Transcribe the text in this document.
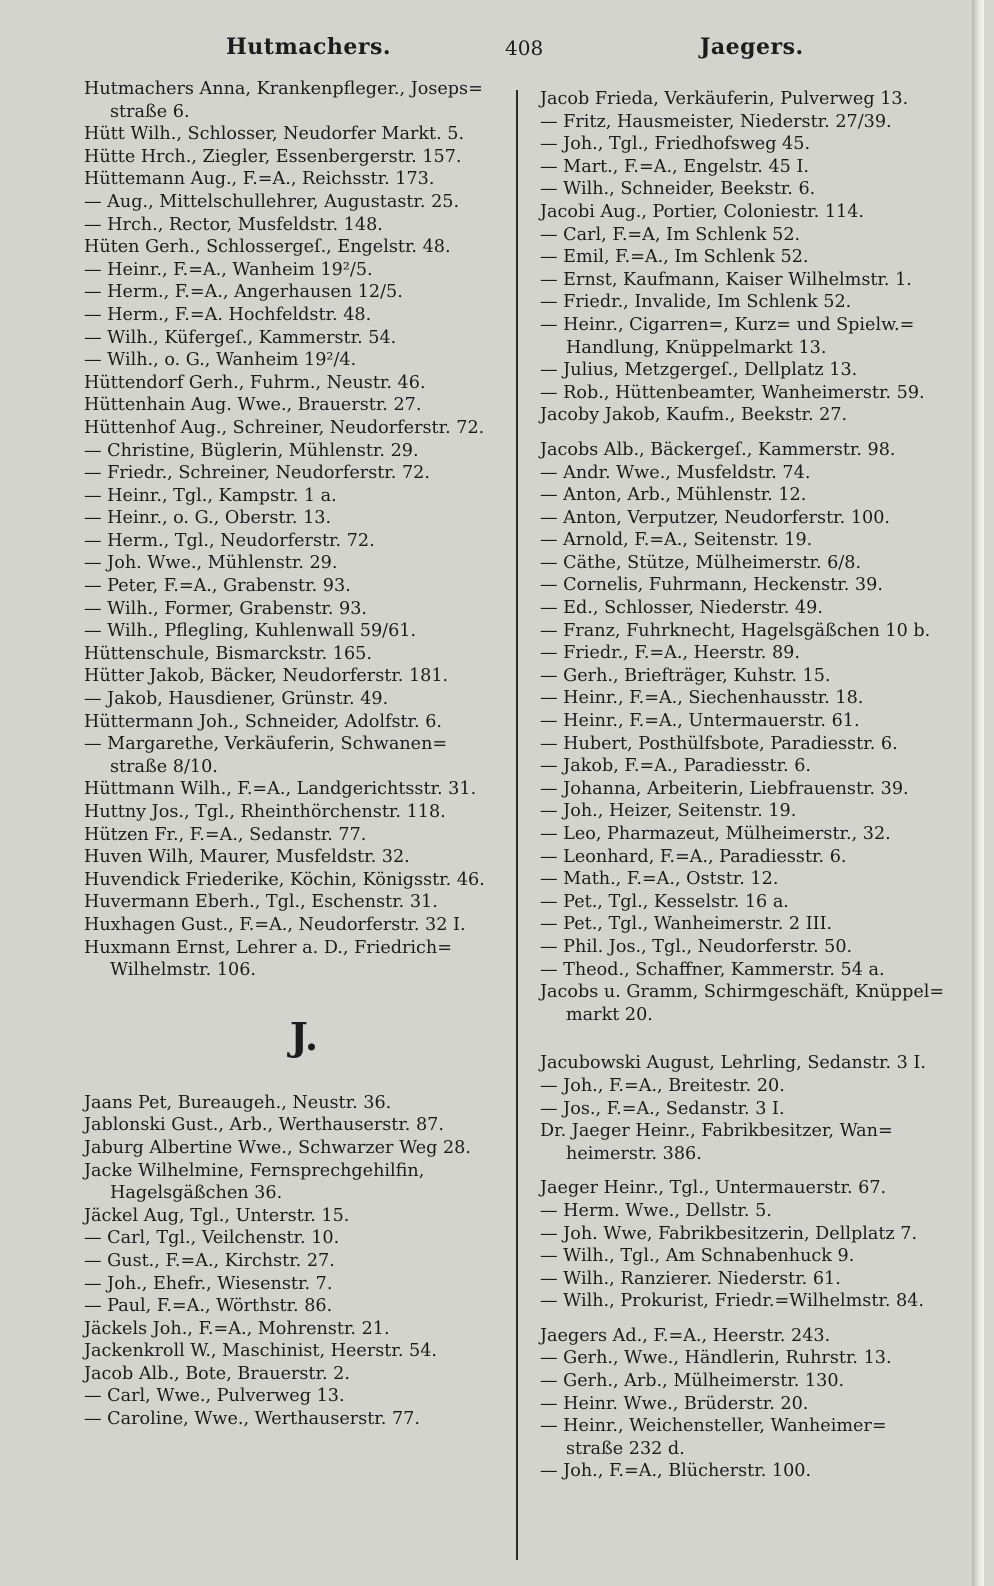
Hutmachers.	408	Jaegers.
Hutmachers Anna, Krankenpfleger., Joseps=
straße 6.
Hütt Wilh., Schlosser, Neudorfer Markt. 5.
Hütte Hrch., Ziegler, Essenbergerstr. 157.
Hüttemann Aug., F.=A., Reichsstr. 173.
— Aug., Mittelschullehrer, Augustastr. 25.
— Hrch., Rector, Musfeldstr. 148.
Hüten Gerh., Schlossergeſ., Engelstr. 48.
— Heinr., F.=A., Wanheim 19²/5.
— Herm., F.=A., Angerhausen 12/5.
— Herm., F.=A. Hochfeldstr. 48.
— Wilh., Küfergeſ., Kammerstr. 54.
— Wilh., o. G., Wanheim 19²/4.
Hüttendorf Gerh., Fuhrm., Neustr. 46.
Hüttenhain Aug. Wwe., Brauerstr. 27.
Hüttenhof Aug., Schreiner, Neudorferstr. 72.
— Christine, Büglerin, Mühlenstr. 29.
— Friedr., Schreiner, Neudorferstr. 72.
— Heinr., Tgl., Kampstr. 1 a.
— Heinr., o. G., Oberstr. 13.
— Herm., Tgl., Neudorferstr. 72.
— Joh. Wwe., Mühlenstr. 29.
— Peter, F.=A., Grabenstr. 93.
— Wilh., Former, Grabenstr. 93.
— Wilh., Pflegling, Kuhlenwall 59/61.
Hüttenschule, Bismarckstr. 165.
Hütter Jakob, Bäcker, Neudorferstr. 181.
— Jakob, Hausdiener, Grünstr. 49.
Hüttermann Joh., Schneider, Adolfstr. 6.
— Margarethe, Verkäuferin, Schwanen=
straße 8/10.
Hüttmann Wilh., F.=A., Landgerichtsstr. 31.
Huttny Jos., Tgl., Rheinthörchenstr. 118.
Hützen Fr., F.=A., Sedanstr. 77.
Huven Wilh, Maurer, Musfeldstr. 32.
Huvendick Friederike, Köchin, Königsstr. 46.
Huvermann Eberh., Tgl., Eschenstr. 31.
Huxhagen Gust., F.=A., Neudorferstr. 32 I.
Huxmann Ernst, Lehrer a. D., Friedrich=
Wilhelmstr. 106.
J.
Jaans Pet, Bureaugeh., Neustr. 36.
Jablonski Gust., Arb., Werthauserstr. 87.
Jaburg Albertine Wwe., Schwarzer Weg 28.
Jacke Wilhelmine, Fernsprechgehilfin,
Hagelsgäßchen 36.
Jäckel Aug, Tgl., Unterstr. 15.
— Carl, Tgl., Veilchenstr. 10.
— Gust., F.=A., Kirchstr. 27.
— Joh., Ehefr., Wiesenstr. 7.
— Paul, F.=A., Wörthstr. 86.
Jäckels Joh., F.=A., Mohrenstr. 21.
Jackenkroll W., Maschinist, Heerstr. 54.
Jacob Alb., Bote, Brauerstr. 2.
— Carl, Wwe., Pulverweg 13.
— Caroline, Wwe., Werthauserstr. 77.
Jacob Frieda, Verkäuferin, Pulverweg 13.
— Fritz, Hausmeister, Niederstr. 27/39.
— Joh., Tgl., Friedhofsweg 45.
— Mart., F.=A., Engelstr. 45 I.
— Wilh., Schneider, Beekstr. 6.
Jacobi Aug., Portier, Coloniestr. 114.
— Carl, F.=A, Im Schlenk 52.
— Emil, F.=A., Im Schlenk 52.
— Ernst, Kaufmann, Kaiser Wilhelmstr. 1.
— Friedr., Invalide, Im Schlenk 52.
— Heinr., Cigarren=, Kurz= und Spielw.=
Handlung, Knüppelmarkt 13.
— Julius, Metzgergeſ., Dellplatz 13.
— Rob., Hüttenbeamter, Wanheimerstr. 59.
Jacoby Jakob, Kaufm., Beekstr. 27.
Jacobs Alb., Bäckergeſ., Kammerstr. 98.
— Andr. Wwe., Musfeldstr. 74.
— Anton, Arb., Mühlenstr. 12.
— Anton, Verputzer, Neudorferstr. 100.
— Arnold, F.=A., Seitenstr. 19.
— Cäthe, Stütze, Mülheimerstr. 6/8.
— Cornelis, Fuhrmann, Heckenstr. 39.
— Ed., Schlosser, Niederstr. 49.
— Franz, Fuhrknecht, Hagelsgäßchen 10 b.
— Friedr., F.=A., Heerstr. 89.
— Gerh., Briefträger, Kuhstr. 15.
— Heinr., F.=A., Siechenhausstr. 18.
— Heinr., F.=A., Untermauerstr. 61.
— Hubert, Posthülfsbote, Paradiesstr. 6.
— Jakob, F.=A., Paradiesstr. 6.
— Johanna, Arbeiterin, Liebfrauenstr. 39.
— Joh., Heizer, Seitenstr. 19.
— Leo, Pharmazeut, Mülheimerstr., 32.
— Leonhard, F.=A., Paradiesstr. 6.
— Math., F.=A., Oststr. 12.
— Pet., Tgl., Kesselstr. 16 a.
— Pet., Tgl., Wanheimerstr. 2 III.
— Phil. Jos., Tgl., Neudorferstr. 50.
— Theod., Schaffner, Kammerstr. 54 a.
Jacobs u. Gramm, Schirmgeschäft, Knüppel=
markt 20.
Jacubowski August, Lehrling, Sedanstr. 3 I.
— Joh., F.=A., Breitestr. 20.
— Jos., F.=A., Sedanstr. 3 I.
Dr. Jaeger Heinr., Fabrikbesitzer, Wan=
heimerstr. 386.
Jaeger Heinr., Tgl., Untermauerstr. 67.
— Herm. Wwe., Dellstr. 5.
— Joh. Wwe, Fabrikbesitzerin, Dellplatz 7.
— Wilh., Tgl., Am Schnabenhuck 9.
— Wilh., Ranzierer. Niederstr. 61.
— Wilh., Prokurist, Friedr.=Wilhelmstr. 84.
Jaegers Ad., F.=A., Heerstr. 243.
— Gerh., Wwe., Händlerin, Ruhrstr. 13.
— Gerh., Arb., Mülheimerstr. 130.
— Heinr. Wwe., Brüderstr. 20.
— Heinr., Weichensteller, Wanheimer=
straße 232 d.
— Joh., F.=A., Blücherstr. 100.
